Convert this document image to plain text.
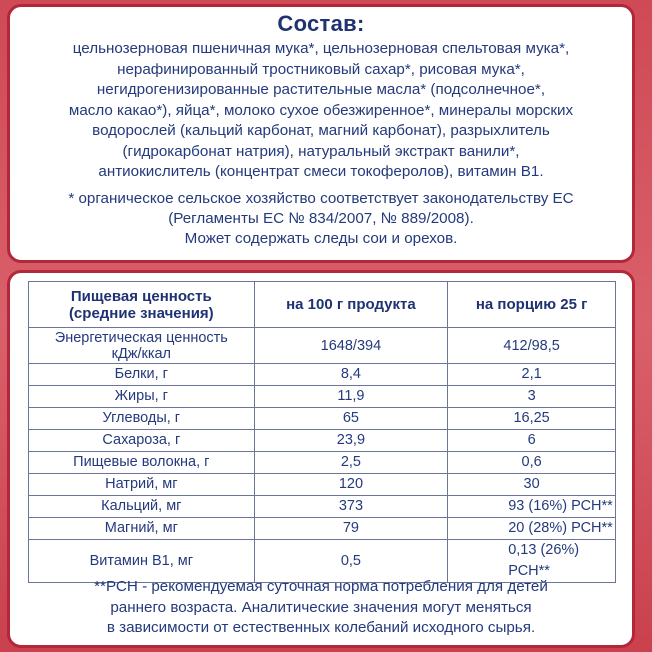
Состав:
цельнозерновая пшеничная мука*, цельнозерновая спельтовая мука*,
нерафинированный тростниковый сахар*, рисовая мука*,
негидрогенизированные растительные масла* (подсолнечное*,
масло какао*), яйца*, молоко сухое обезжиренное*, минералы морских
водорослей (кальций карбонат, магний карбонат), разрыхлитель
(гидрокарбонат натрия), натуральный экстракт ванили*,
антиокислитель (концентрат смеси токоферолов), витамин В1.
* органическое сельское хозяйство соответствует законодательству ЕС
(Регламенты ЕС № 834/2007, № 889/2008).
Может содержать следы сои и орехов.
Пищевая ценность
(средние значения)	на 100 г продукта	на порцию 25 г

Энергетическая ценность
кДж/ккал	1648/394	412/98,5
Белки, г	8,4	2,1
Жиры, г	11,9	3
Углеводы, г	65	16,25
Сахароза, г	23,9	6
Пищевые волокна, г	2,5	0,6
Натрий, мг	120	30
Кальций, мг	373	93 (16%) РСН**
Магний, мг	79	20 (28%) РСН**
Витамин В1, мг	0,5	0,13 (26%) РСН**
**РСН - рекомендуемая суточная норма потребления для детей
раннего возраста. Аналитические значения могут меняться
в зависимости от естественных колебаний исходного сырья.
